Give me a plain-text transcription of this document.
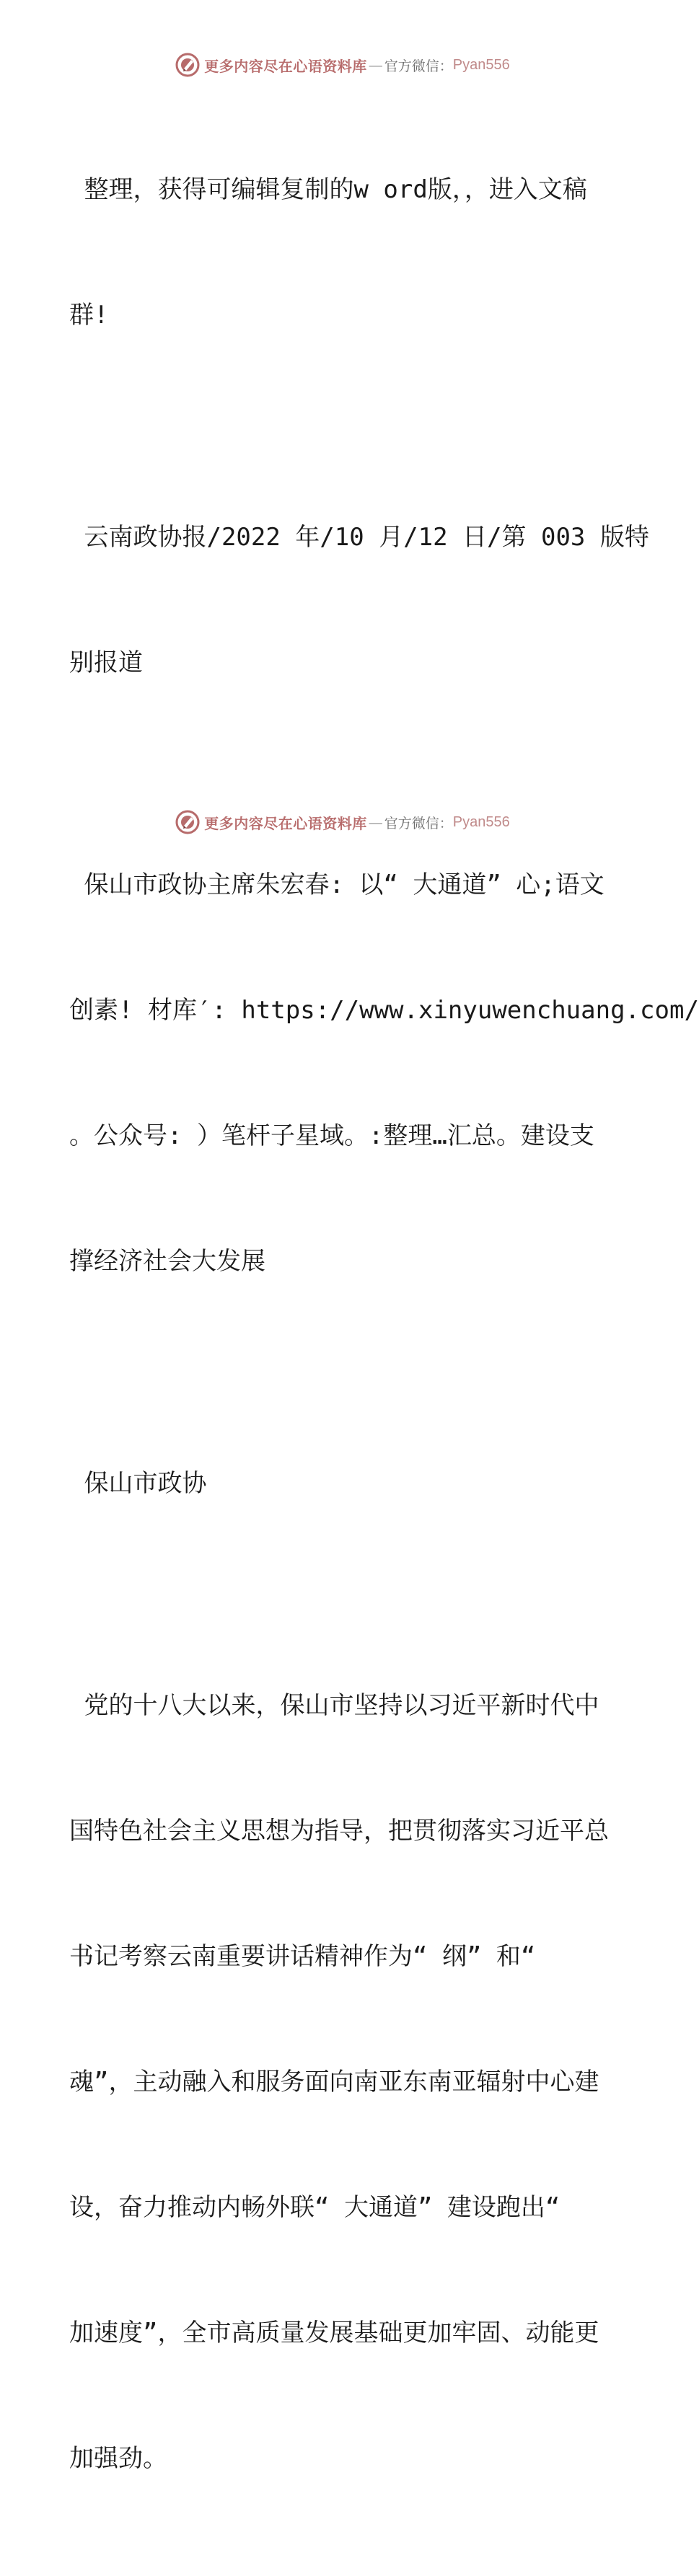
更多内容尽在心语资料库 — 官方微信： Pyan556

整理，获得可编辑复制的w ord版，，进入文稿

群!

云南政协报/2022 年/10 月/12 日/第 003 版特

别报道

保山市政协主席朱宏春: 以“ 大通道” 心;语文

创素! 材库′: https://www.xinyuwenchuang.com/

。公众号: ）笔杆子星域。:整理…汇总。建设支

撑经济社会大发展

保山市政协

党的十八大以来，保山市坚持以习近平新时代中

国特色社会主义思想为指导，把贯彻落实习近平总

书记考察云南重要讲话精神作为“ 纲” 和“

魂”，主动融入和服务面向南亚东南亚辐射中心建

设，奋力推动内畅外联“ 大通道” 建设跑出“

加速度”，全市高质量发展基础更加牢固、动能更

加强劲。

更多内容尽在心语资料库 — 官方微信： Pyan556
